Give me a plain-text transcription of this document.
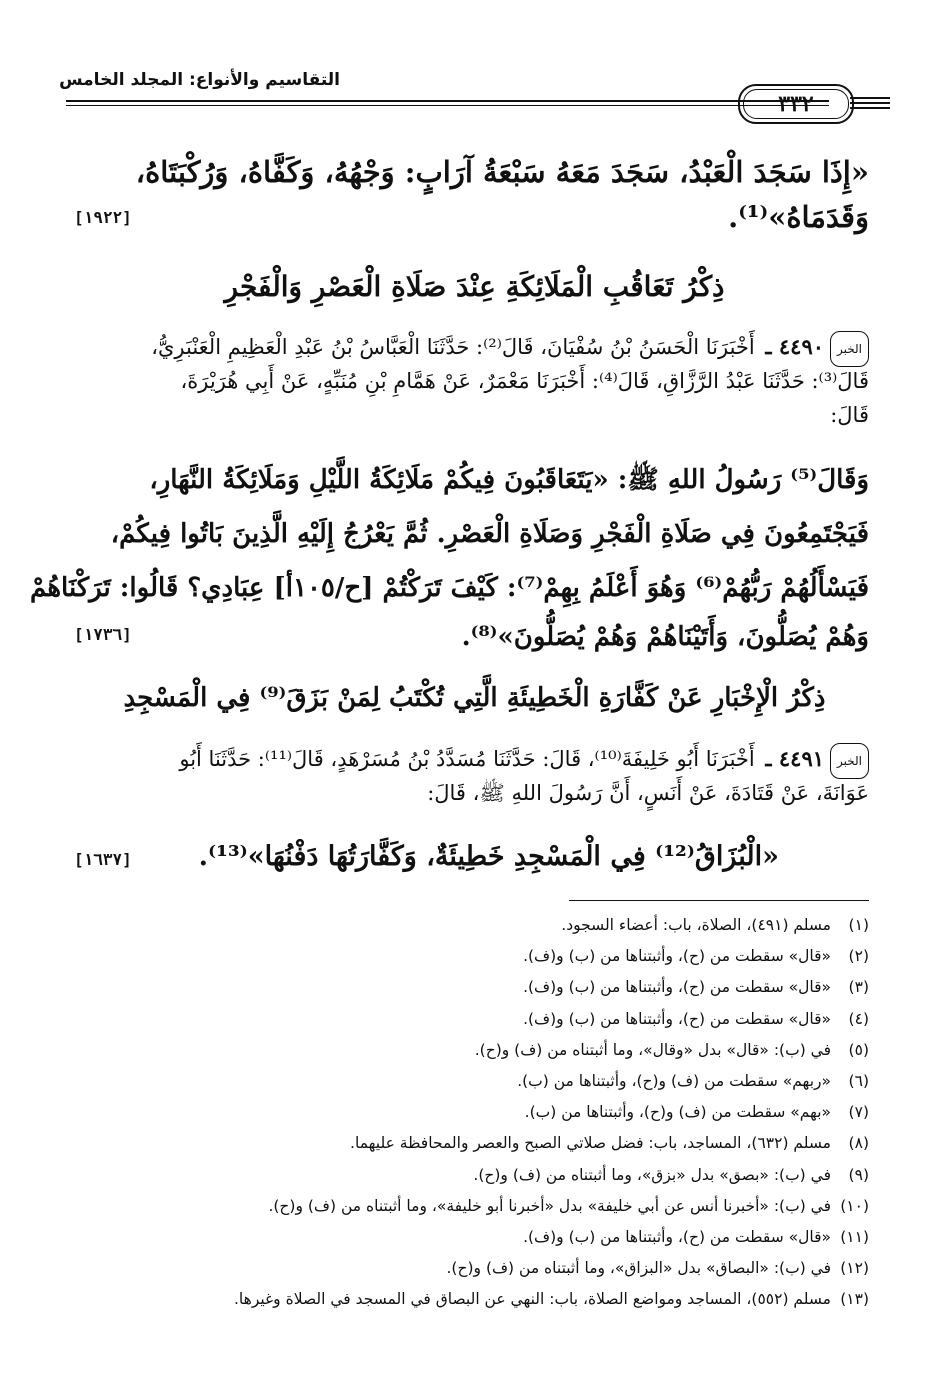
التقاسيم والأنواع: المجلد الخامس
٣٣٢
«إِذَا سَجَدَ الْعَبْدُ، سَجَدَ مَعَهُ سَبْعَةُ آرَابٍ: وَجْهُهُ، وَكَفَّاهُ، وَرُكْبَتَاهُ،
وَقَدَمَاهُ»⁽¹⁾.
[١٩٢٢]
ذِكْرُ تَعَاقُبِ الْمَلَائِكَةِ عِنْدَ صَلَاةِ الْعَصْرِ وَالْفَجْرِ
الخبر٤٤٩٠ ـ أَخْبَرَنَا الْحَسَنُ بْنُ سُفْيَانَ، قَالَ⁽²⁾: حَدَّثَنَا الْعَبَّاسُ بْنُ عَبْدِ الْعَظِيمِ الْعَنْبَرِيُّ،
قَالَ⁽³⁾: حَدَّثَنَا عَبْدُ الرَّزَّاقِ، قَالَ⁽⁴⁾: أَخْبَرَنَا مَعْمَرٌ، عَنْ هَمَّامِ بْنِ مُنَبِّهٍ، عَنْ أَبِي هُرَيْرَةَ،
قَالَ:
وَقَالَ⁽⁵⁾ رَسُولُ اللهِ ﷺ: «يَتَعَاقَبُونَ فِيكُمْ مَلَائِكَةُ اللَّيْلِ وَمَلَائِكَةُ النَّهَارِ،
فَيَجْتَمِعُونَ فِي صَلَاةِ الْفَجْرِ وَصَلَاةِ الْعَصْرِ. ثُمَّ يَعْرُجُ إِلَيْهِ الَّذِينَ بَاتُوا فِيكُمْ،
فَيَسْأَلُهُمْ رَبُّهُمْ⁽⁶⁾ وَهُوَ أَعْلَمُ بِهِمْ⁽⁷⁾: كَيْفَ تَرَكْتُمْ [ح/١٠٥أ] عِبَادِي؟ قَالُوا: تَرَكْنَاهُمْ
وَهُمْ يُصَلُّونَ، وَأَتَيْنَاهُمْ وَهُمْ يُصَلُّونَ»⁽⁸⁾.
[١٧٣٦]
ذِكْرُ الْإِخْبَارِ عَنْ كَفَّارَةِ الْخَطِيئَةِ الَّتِي تُكْتَبُ لِمَنْ بَزَقَ⁽⁹⁾ فِي الْمَسْجِدِ
الخبر٤٤٩١ ـ أَخْبَرَنَا أَبُو خَلِيفَةَ⁽¹⁰⁾، قَالَ: حَدَّثَنَا مُسَدَّدُ بْنُ مُسَرْهَدٍ، قَالَ⁽¹¹⁾: حَدَّثَنَا أَبُو
عَوَانَةَ، عَنْ قَتَادَةَ، عَنْ أَنَسٍ، أَنَّ رَسُولَ اللهِ ﷺ، قَالَ:
«الْبُزَاقُ⁽¹²⁾ فِي الْمَسْجِدِ خَطِيئَةٌ، وَكَفَّارَتُهَا دَفْنُهَا»⁽¹³⁾.
[١٦٣٧]
(١)مسلم (٤٩١)، الصلاة، باب: أعضاء السجود.
(٢)«قال» سقطت من (ح)، وأثبتناها من (ب) و(ف).
(٣)«قال» سقطت من (ح)، وأثبتناها من (ب) و(ف).
(٤)«قال» سقطت من (ح)، وأثبتناها من (ب) و(ف).
(٥)في (ب): «قال» بدل «وقال»، وما أثبتناه من (ف) و(ح).
(٦)«ربهم» سقطت من (ف) و(ح)، وأثبتناها من (ب).
(٧)«بهم» سقطت من (ف) و(ح)، وأثبتناها من (ب).
(٨)مسلم (٦٣٢)، المساجد، باب: فضل صلاتي الصبح والعصر والمحافظة عليهما.
(٩)في (ب): «بصق» بدل «بزق»، وما أثبتناه من (ف) و(ح).
(١٠)في (ب): «أخبرنا أنس عن أبي خليفة» بدل «أخبرنا أبو خليفة»، وما أثبتناه من (ف) و(ح).
(١١)«قال» سقطت من (ح)، وأثبتناها من (ب) و(ف).
(١٢)في (ب): «البصاق» بدل «البزاق»، وما أثبتناه من (ف) و(ح).
(١٣)مسلم (٥٥٢)، المساجد ومواضع الصلاة، باب: النهي عن البصاق في المسجد في الصلاة وغيرها.
